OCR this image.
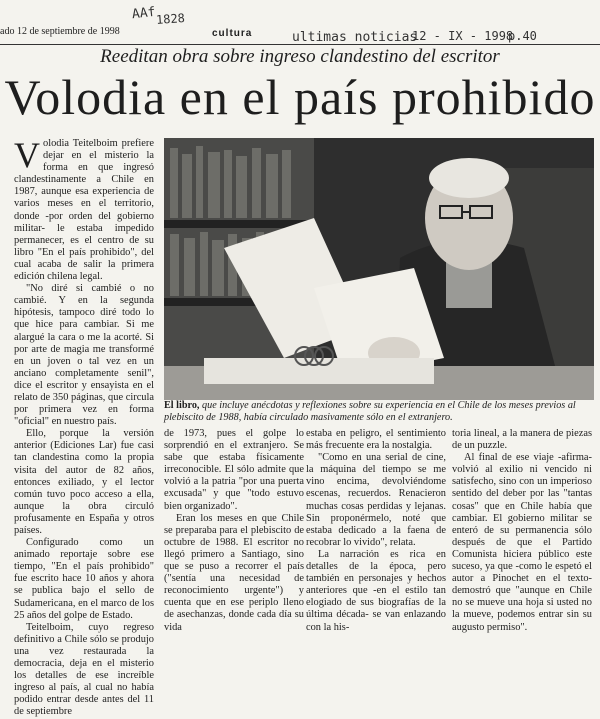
ado 12 de septiembre de 1998	cultura
AAf 1828
ultimas noticias
12 - IX - 1998
p.40
Reeditan obra sobre ingreso clandestino del escritor
Volodia en el país prohibido

Volodia Teitelboim prefiere dejar en el misterio la forma en que ingresó clandestinamente a Chile en 1987, aunque esa experiencia de varios meses en el territorio, donde -por orden del gobierno militar- le estaba impedido permanecer, es el centro de su libro "En el país prohibido", del cual acaba de salir la primera edición chilena legal.

"No diré si cambié o no cambié. Y en la segunda hipótesis, tampoco diré todo lo que hice para cambiar. Si me alargué la cara o me la acorté. Si por arte de magia me transformé en un joven o tal vez en un anciano completamente senil", dice el escritor y ensayista en el relato de 350 páginas, que circula por primera vez en forma "oficial" en nuestro país.

Ello, porque la versión anterior (Ediciones Lar) fue casi tan clandestina como la propia visita del autor de 82 años, entonces exiliado, y el lector común tuvo poco acceso a ella, aunque la obra circuló profusamente en España y otros países.

Configurado como un animado reportaje sobre ese tiempo, "En el país prohibido" fue escrito hace 10 años y ahora se publica bajo el sello de Sudamericana, en el marco de los 25 años del golpe de Estado.

Teitelboim, cuyo regreso definitivo a Chile sólo se produjo una vez restaurada la democracia, deja en el misterio los detalles de ese increíble ingreso al país, al cual no había podido entrar desde antes del 11 de septiembre

El libro, que incluye anécdotas y reflexiones sobre su experiencia en el Chile de los meses previos al plebiscito de 1988, había circulado masivamente sólo en el extranjero.

de 1973, pues el golpe lo sorprendió en el extranjero. Se sabe que estaba físicamente irreconocible. El sólo admite que volvió a la patria "por una puerta excusada" y que "todo estuvo bien organizado".

Eran los meses en que Chile se preparaba para el plebiscito de octubre de 1988. El escritor no llegó primero a Santiago, sino que se puso a recorrer el país ("sentía una necesidad de reconocimiento urgente") y cuenta que en ese periplo lleno de asechanzas, donde cada día su vida

estaba en peligro, el sentimiento más frecuente era la nostalgia.

"Como en una serial de cine, la máquina del tiempo se me vino encima, devolviéndome escenas, recuerdos. Renacieron muchas cosas perdidas y lejanas. Sin proponérmelo, noté que estaba dedicado a la faena de recobrar lo vivido", relata.

La narración es rica en detalles de la época, pero también en personajes y hechos anteriores que -en el estilo tan elogiado de sus biografías de la última década- se van enlazando con la his-

toria lineal, a la manera de piezas de un puzzle.

Al final de ese viaje -afirma- volvió al exilio ni vencido ni satisfecho, sino con un imperioso sentido del deber por las "tantas cosas" que en Chile había que cambiar. El gobierno militar se enteró de su permanencia sólo después de que el Partido Comunista hiciera público este suceso, ya que -como le espetó el autor a Pinochet en el texto- demostró que "aunque en Chile no se mueve una hoja si usted no la mueve, podemos entrar sin su augusto permiso".
